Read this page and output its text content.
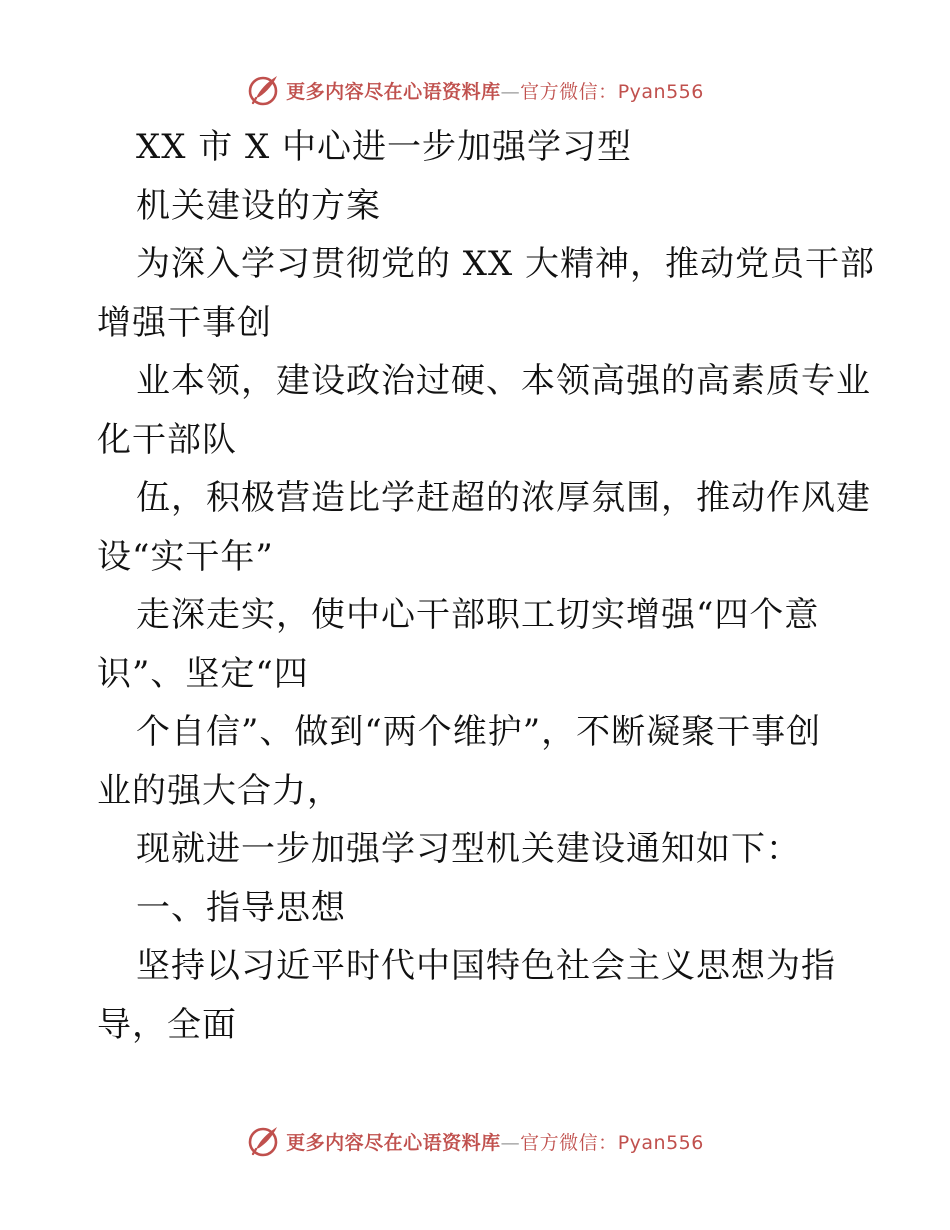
更多内容尽在心语资料库—官方微信：Pyan556
XX 市 X 中心进一步加强学习型
机关建设的方案
为深入学习贯彻党的 XX 大精神，推动党员干部
增强干事创
业本领，建设政治过硬、本领高强的高素质专业
化干部队
伍，积极营造比学赶超的浓厚氛围，推动作风建
设“实干年”
走深走实，使中心干部职工切实增强“四个意
识”、坚定“四
个自信”、做到“两个维护”，不断凝聚干事创
业的强大合力，
现就进一步加强学习型机关建设通知如下：
一、指导思想
坚持以习近平时代中国特色社会主义思想为指
导，全面
更多内容尽在心语资料库—官方微信：Pyan556
